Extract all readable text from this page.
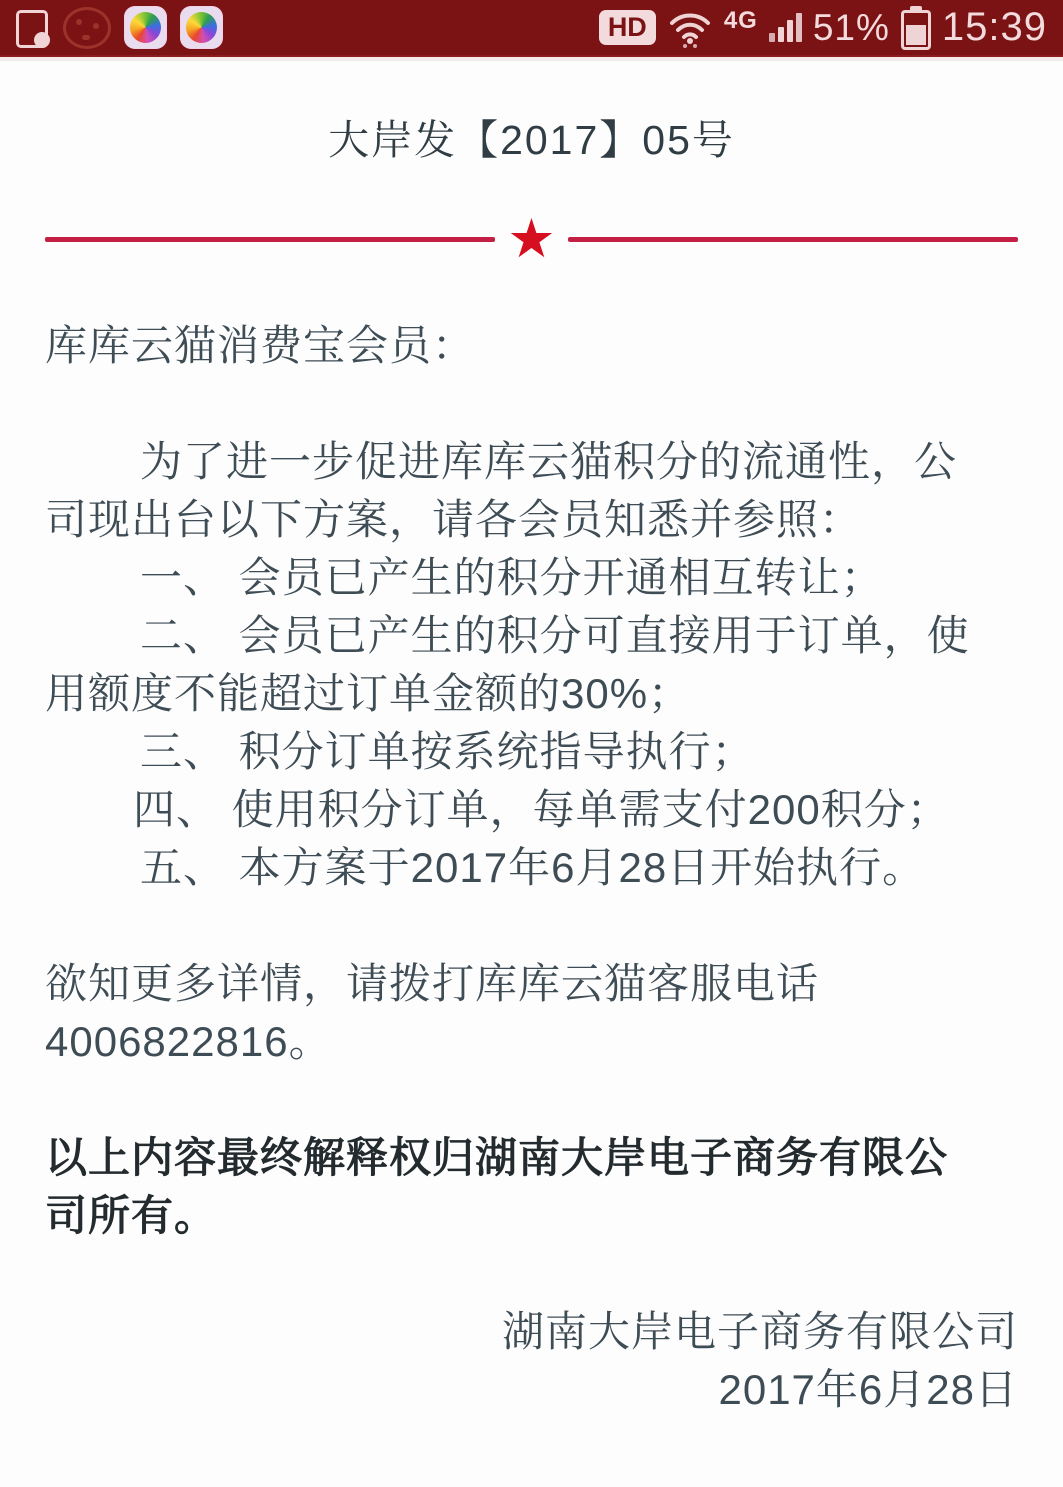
HD	4G 51% 15:39
大岸发【2017】05号
★
库库云猫消费宝会员：
为了进一步促进库库云猫积分的流通性，公
司现出台以下方案，请各会员知悉并参照：
一、 会员已产生的积分开通相互转让；
二、 会员已产生的积分可直接用于订单，使
用额度不能超过订单金额的30%；
三、 积分订单按系统指导执行；
四、 使用积分订单，每单需支付200积分；
五、 本方案于2017年6月28日开始执行。
欲知更多详情，请拨打库库云猫客服电话
4006822816。
以上内容最终解释权归湖南大岸电子商务有限公
司所有。
湖南大岸电子商务有限公司
2017年6月28日
